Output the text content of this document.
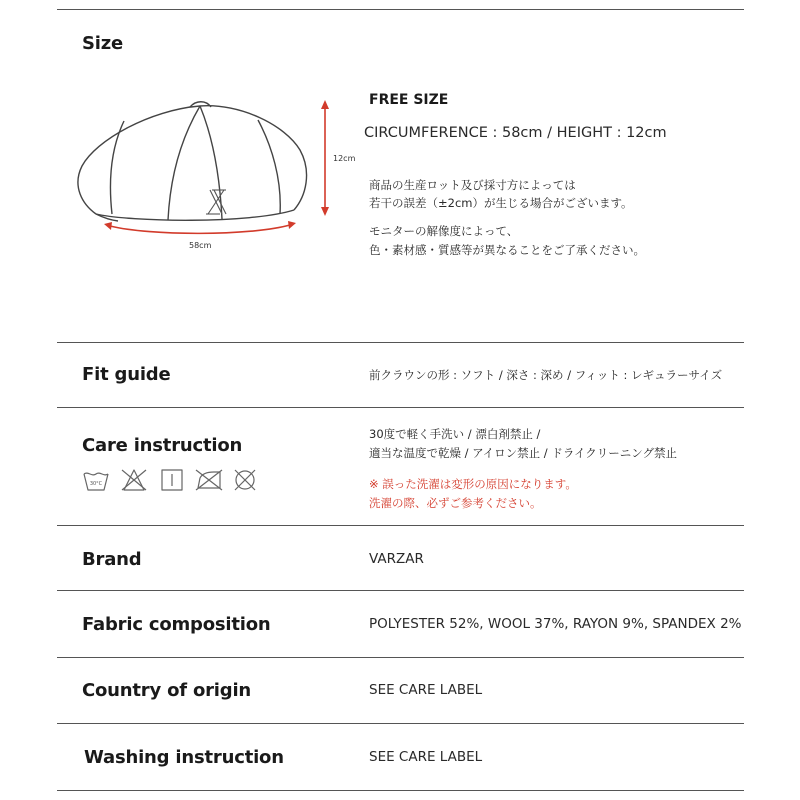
Size
12cm
58cm
FREE SIZE
CIRCUMFERENCE : 58cm / HEIGHT : 12cm
商品の生産ロット及び採寸方によっては
若干の誤差（±2cm）が生じる場合がございます。
モニターの解像度によって、
色・素材感・質感等が異なることをご了承ください。
Fit guide	前クラウンの形 : ソフト / 深さ : 深め / フィット : レギュラーサイズ
Care instruction
30°C
30度で軽く手洗い / 漂白剤禁止 /
適当な温度で乾燥 / アイロン禁止 / ドライクリーニング禁止
※ 誤った洗濯は変形の原因になります。
洗濯の際、必ずご参考ください。
Brand	VARZAR
Fabric composition	POLYESTER 52%, WOOL 37%, RAYON 9%, SPANDEX 2%
Country of origin	SEE CARE LABEL
Washing instruction	SEE CARE LABEL
